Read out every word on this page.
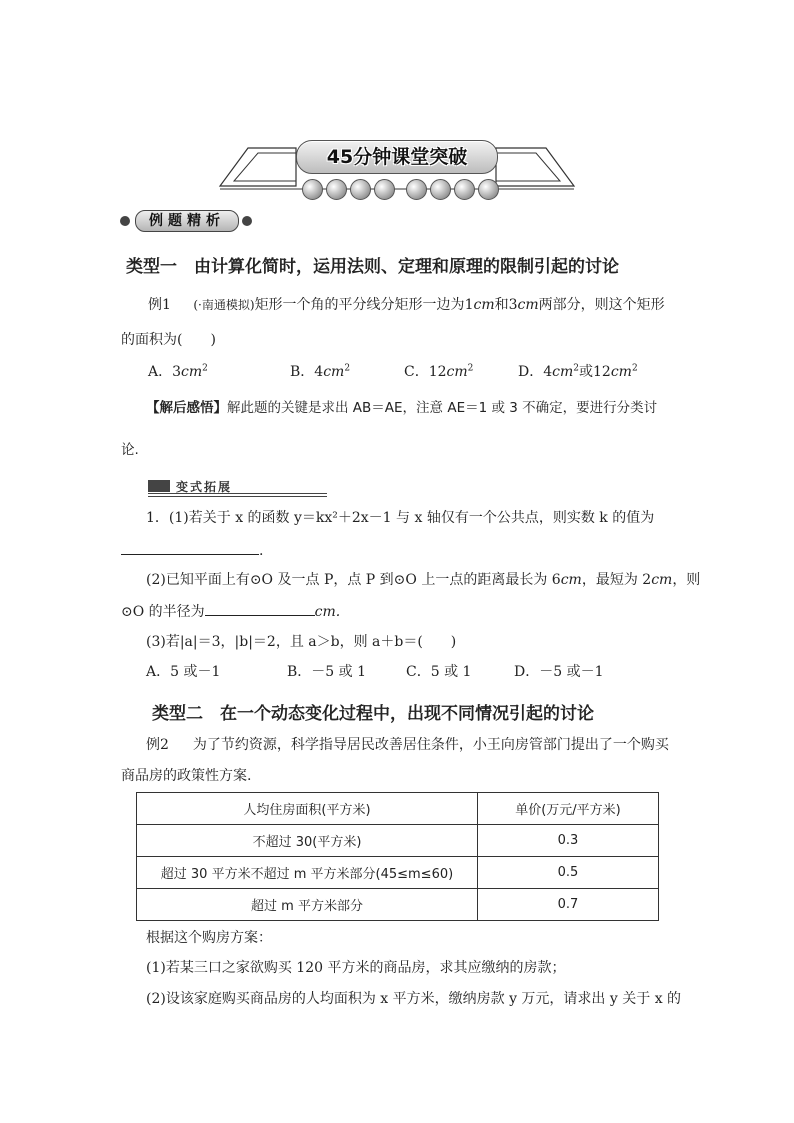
45分钟课堂突破
例题精析
类型一　由计算化简时，运用法则、定理和原理的限制引起的讨论
例1 (·南通模拟)矩形一个角的平分线分矩形一边为1cm和3cm两部分，则这个矩形
的面积为(　　)
A．$3cm^2$	B．$4cm^2$	C．$12cm^2$	D．$4cm^2$或$12cm^2$
【解后感悟】解此题的关键是求出 AB＝AE，注意 AE＝1 或 3 不确定，要进行分类讨
论.
变式拓展
1．(1)若关于 x 的函数 y＝kx²＋2x－1 与 x 轴仅有一个公共点，则实数 k 的值为
.
(2)已知平面上有⊙O 及一点 P，点 P 到⊙O 上一点的距离最长为 6cm，最短为 2cm，则
⊙O 的半径为	cm.
(3)若|a|＝3，|b|＝2，且 a＞b，则 a＋b＝(　　)
A．5 或－1	B．－5 或 1	C．5 或 1	D．－5 或－1
类型二　在一个动态变化过程中，出现不同情况引起的讨论
例2 为了节约资源，科学指导居民改善居住条件，小王向房管部门提出了一个购买
商品房的政策性方案.
人均住房面积(平方米)	单价(万元/平方米)
不超过 30(平方米)	0.3
超过 30 平方米不超过 m 平方米部分(45≤m≤60)	0.5
超过 m 平方米部分	0.7
根据这个购房方案：
(1)若某三口之家欲购买 120 平方米的商品房，求其应缴纳的房款；
(2)设该家庭购买商品房的人均面积为 x 平方米，缴纳房款 y 万元，请求出 y 关于 x 的
